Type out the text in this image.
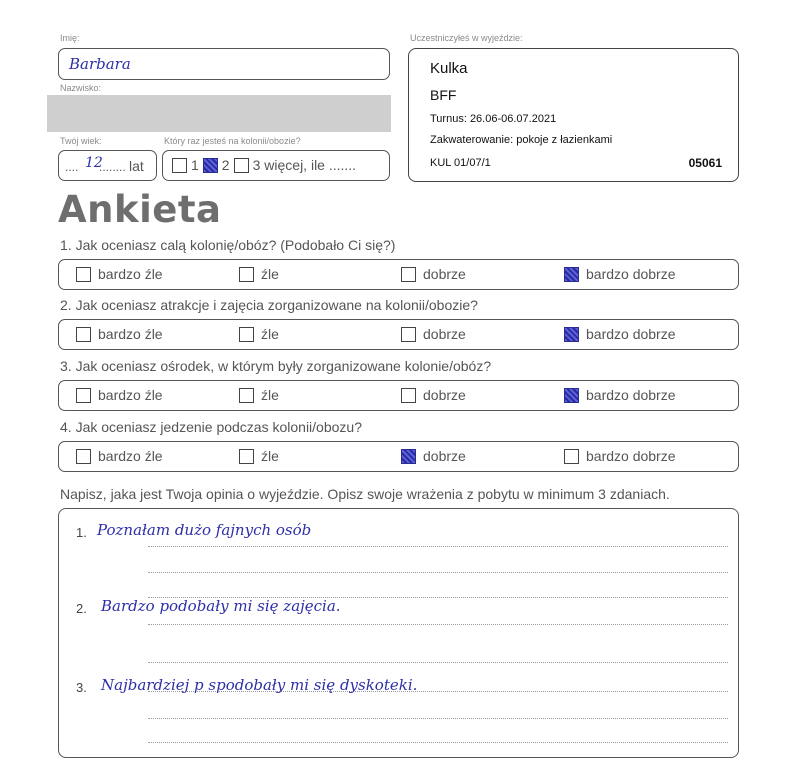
Imię:
Barbara
Nazwisko:
Twój wiek:
.... 12
........ lat
Który raz jesteś na kolonii/obozie?
1 2 3 więcej, ile .......
Uczestniczyłeś w wyjeździe:
Kulka
BFF
Turnus: 26.06-06.07.2021
Zakwaterowanie: pokoje z łazienkami
KUL 01/07/1	05061
Ankieta
1. Jak oceniasz calą kolonię/obóz? (Podobało Ci się?)
bardzo źle	źle	dobrze	bardzo dobrze
2. Jak oceniasz atrakcje i zajęcia zorganizowane na kolonii/obozie?
bardzo źle	źle	dobrze	bardzo dobrze
3. Jak oceniasz ośrodek, w którym były zorganizowane kolonie/obóz?
bardzo źle	źle	dobrze	bardzo dobrze
4. Jak oceniasz jedzenie podczas kolonii/obozu?
bardzo źle	źle	dobrze	bardzo dobrze
Napisz, jaka jest Twoja opinia o wyjeździe. Opisz swoje wrażenia z pobytu w minimum 3 zdaniach.
1. Poznałam dużo fajnych osób
2. Bardzo podobały mi się zajęcia.
3. Najbardziej p spodobały mi się dyskoteki.
